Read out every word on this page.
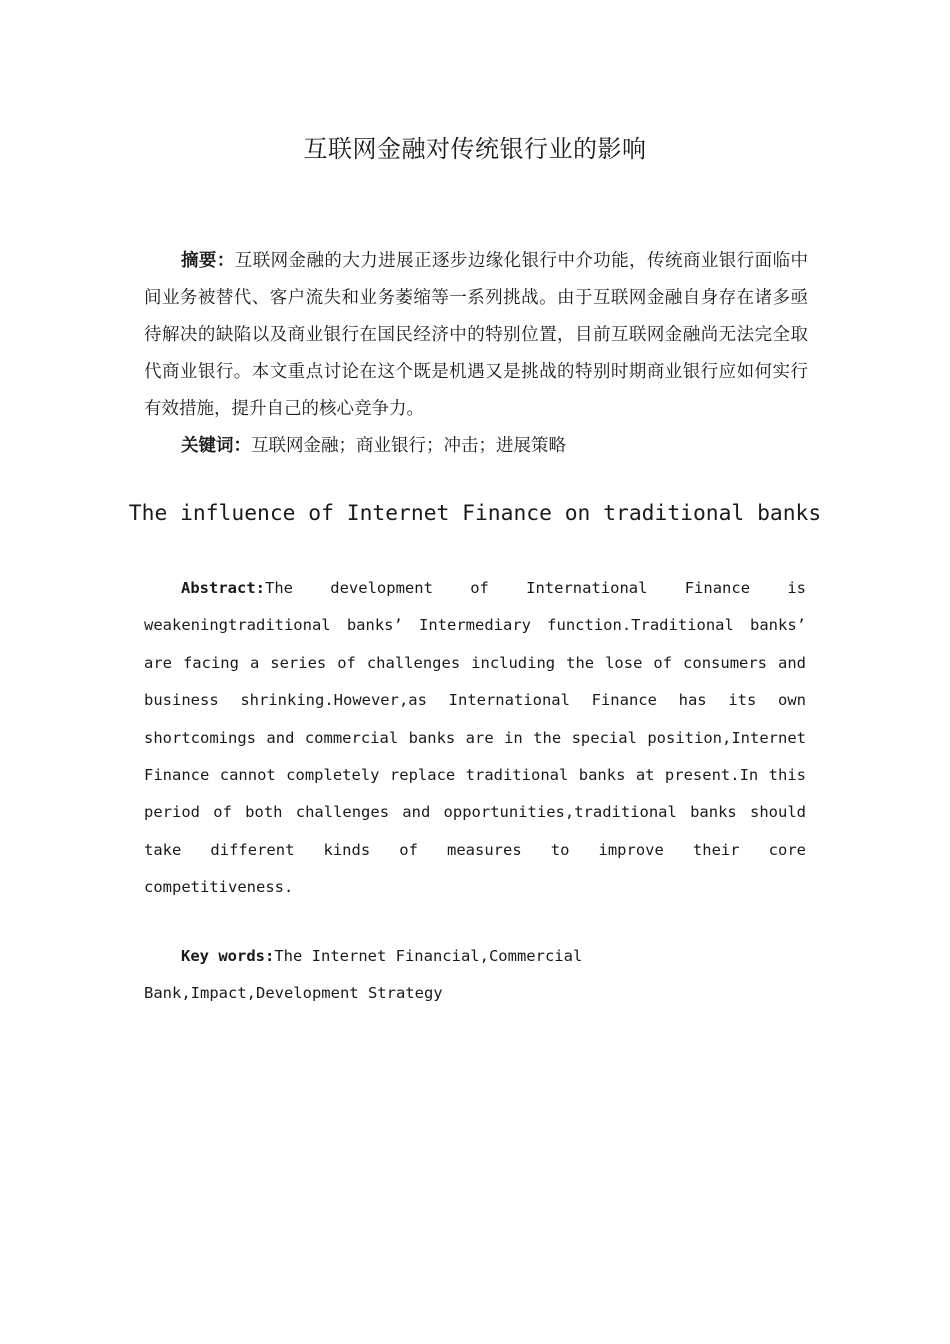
互联网金融对传统银行业的影响

摘要：互联网金融的大力进展正逐步边缘化银行中介功能，传统商业银行面临中间业务被替代、客户流失和业务萎缩等一系列挑战。由于互联网金融自身存在诸多亟待解决的缺陷以及商业银行在国民经济中的特别位置，目前互联网金融尚无法完全取代商业银行。本文重点讨论在这个既是机遇又是挑战的特别时期商业银行应如何实行有效措施，提升自己的核心竞争力。

关键词：互联网金融；商业银行；冲击；进展策略

The influence of Internet Finance on traditional banks

Abstract:The development of International Finance is weakeningtraditional banks’ Intermediary function.Traditional banks’ are facing a series of challenges including the lose of consumers and business shrinking.However,as International Finance has its own shortcomings and commercial banks are in the special position,Internet Finance cannot completely replace traditional banks at present.In this period of both challenges and opportunities,traditional banks should take different kinds of measures to improve their core competitiveness.

Key words:The Internet Financial,Commercial Bank,Impact,Development Strategy
